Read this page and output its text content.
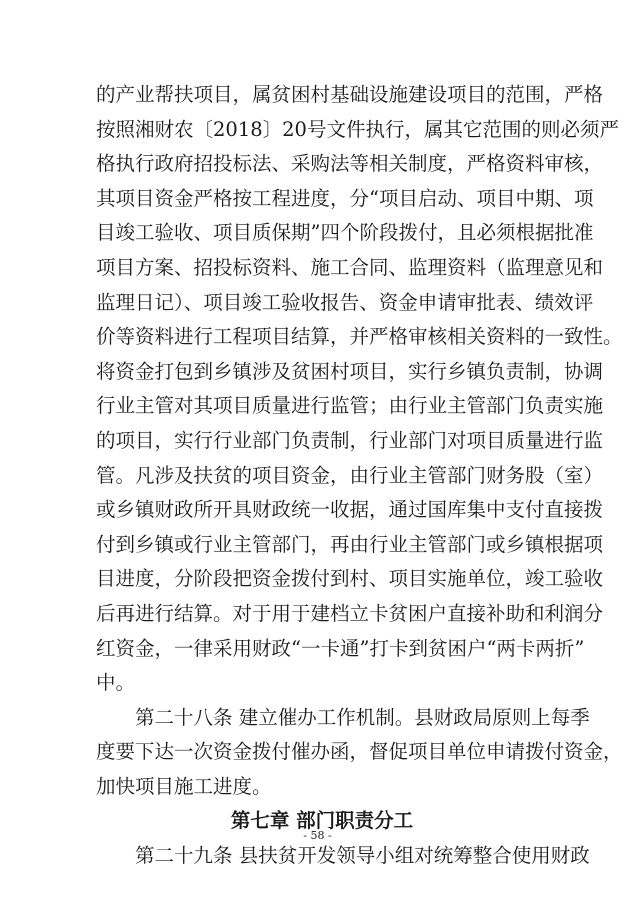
的产业帮扶项目，属贫困村基础设施建设项目的范围，严格
按照湘财农〔2018〕20号文件执行，属其它范围的则必须严
格执行政府招投标法、采购法等相关制度，严格资料审核，
其项目资金严格按工程进度，分“项目启动、项目中期、项
目竣工验收、项目质保期”四个阶段拨付，且必须根据批准
项目方案、招投标资料、施工合同、监理资料（监理意见和
监理日记）、项目竣工验收报告、资金申请审批表、绩效评
价等资料进行工程项目结算，并严格审核相关资料的一致性。
将资金打包到乡镇涉及贫困村项目，实行乡镇负责制，协调
行业主管对其项目质量进行监管；由行业主管部门负责实施
的项目，实行行业部门负责制，行业部门对项目质量进行监
管。凡涉及扶贫的项目资金，由行业主管部门财务股（室）
或乡镇财政所开具财政统一收据，通过国库集中支付直接拨
付到乡镇或行业主管部门，再由行业主管部门或乡镇根据项
目进度，分阶段把资金拨付到村、项目实施单位，竣工验收
后再进行结算。对于用于建档立卡贫困户直接补助和利润分
红资金，一律采用财政“一卡通”打卡到贫困户“两卡两折”
中。
第二十八条 建立催办工作机制。县财政局原则上每季
度要下达一次资金拨付催办函，督促项目单位申请拨付资金，
加快项目施工进度。
第七章 部门职责分工
第二十九条 县扶贫开发领导小组对统筹整合使用财政
- 58 -
